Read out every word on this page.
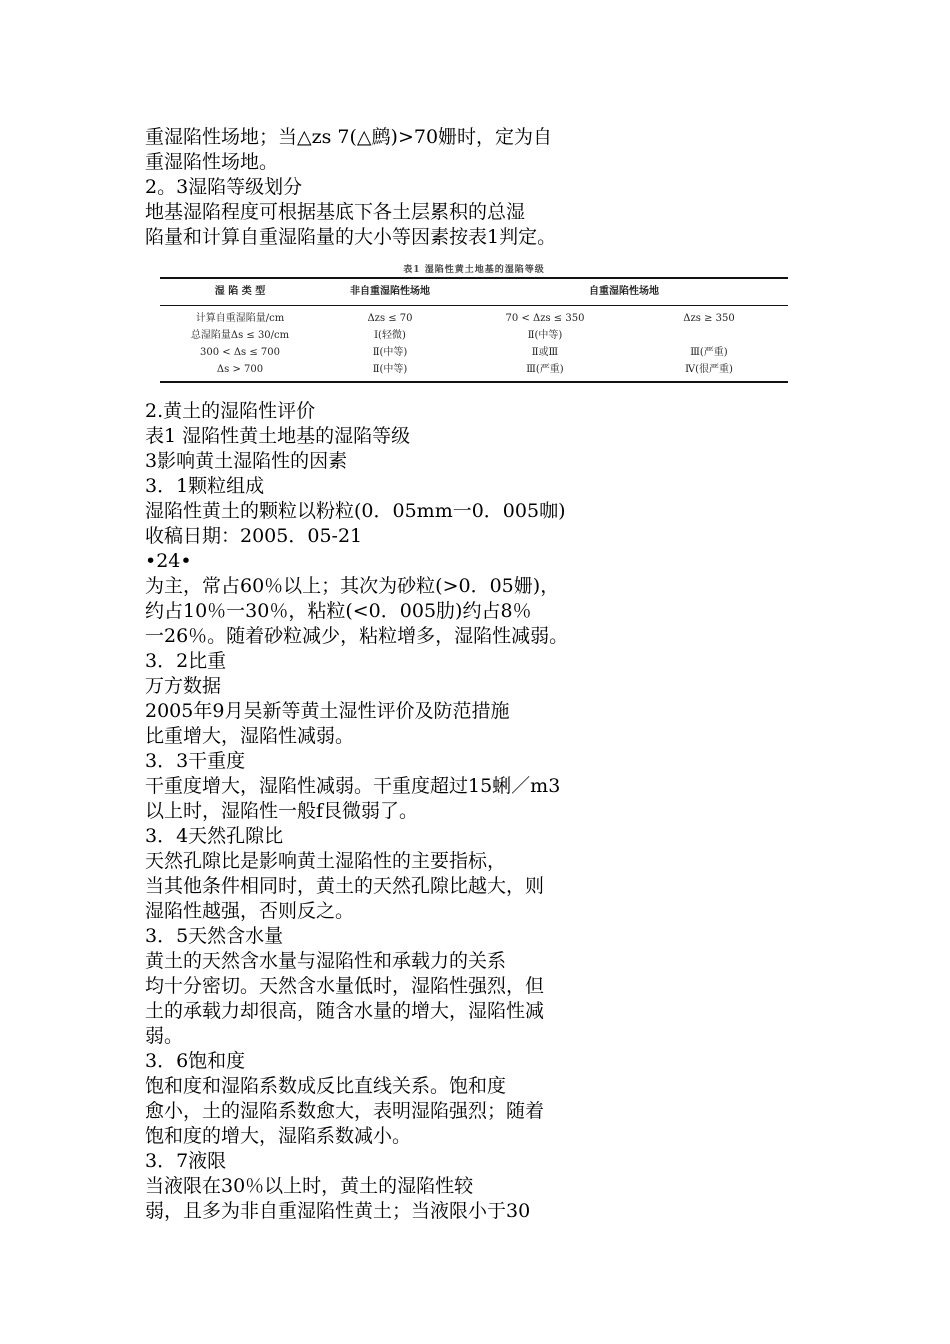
重湿陷性场地；当△zs 7(△鹧)>70姗时，定为自
重湿陷性场地。
2。3湿陷等级划分
地基湿陷程度可根据基底下各土层累积的总湿
陷量和计算自重湿陷量的大小等因素按表1判定。
表1 湿陷性黄土地基的湿陷等级
湿 陷 类 型	非自重湿陷性场地	自重湿陷性场地
计算自重湿陷量/cm	Δzs ≤ 70	70 < Δzs ≤ 350	Δzs ≥ 350
总湿陷量Δs ≤ 30/cm	Ⅰ(轻微)	Ⅱ(中等)
300 < Δs ≤ 700	Ⅱ(中等)	Ⅱ或Ⅲ	Ⅲ(严重)
Δs > 700	Ⅱ(中等)	Ⅲ(严重)	Ⅳ(很严重)
2.黄土的湿陷性评价
表1 湿陷性黄土地基的湿陷等级
3影响黄土湿陷性的因素
3．1颗粒组成
湿陷性黄土的颗粒以粉粒(0．05mm一0．005咖)
收稿日期：2005．05-21
•24•
为主，常占60％以上；其次为砂粒(>0．05姗)，
约占10％一30％，粘粒(<0．005肋)约占8％
一26％。随着砂粒减少，粘粒增多，湿陷性减弱。
3．2比重
万方数据
2005年9月吴新等黄土湿性评价及防范措施
比重增大，湿陷性减弱。
3．3干重度
干重度增大，湿陷性减弱。干重度超过15蜊／m3
以上时，湿陷性一般f艮微弱了。
3．4天然孔隙比
天然孔隙比是影响黄土湿陷性的主要指标，
当其他条件相同时，黄土的天然孔隙比越大，则
湿陷性越强，否则反之。
3．5天然含水量
黄土的天然含水量与湿陷性和承载力的关系
均十分密切。天然含水量低时，湿陷性强烈，但
土的承载力却很高，随含水量的增大，湿陷性减
弱。
3．6饱和度
饱和度和湿陷系数成反比直线关系。饱和度
愈小，土的湿陷系数愈大，表明湿陷强烈；随着
饱和度的增大，湿陷系数减小。
3．7液限
当液限在30％以上时，黄土的湿陷性较
弱，且多为非自重湿陷性黄土；当液限小于30
